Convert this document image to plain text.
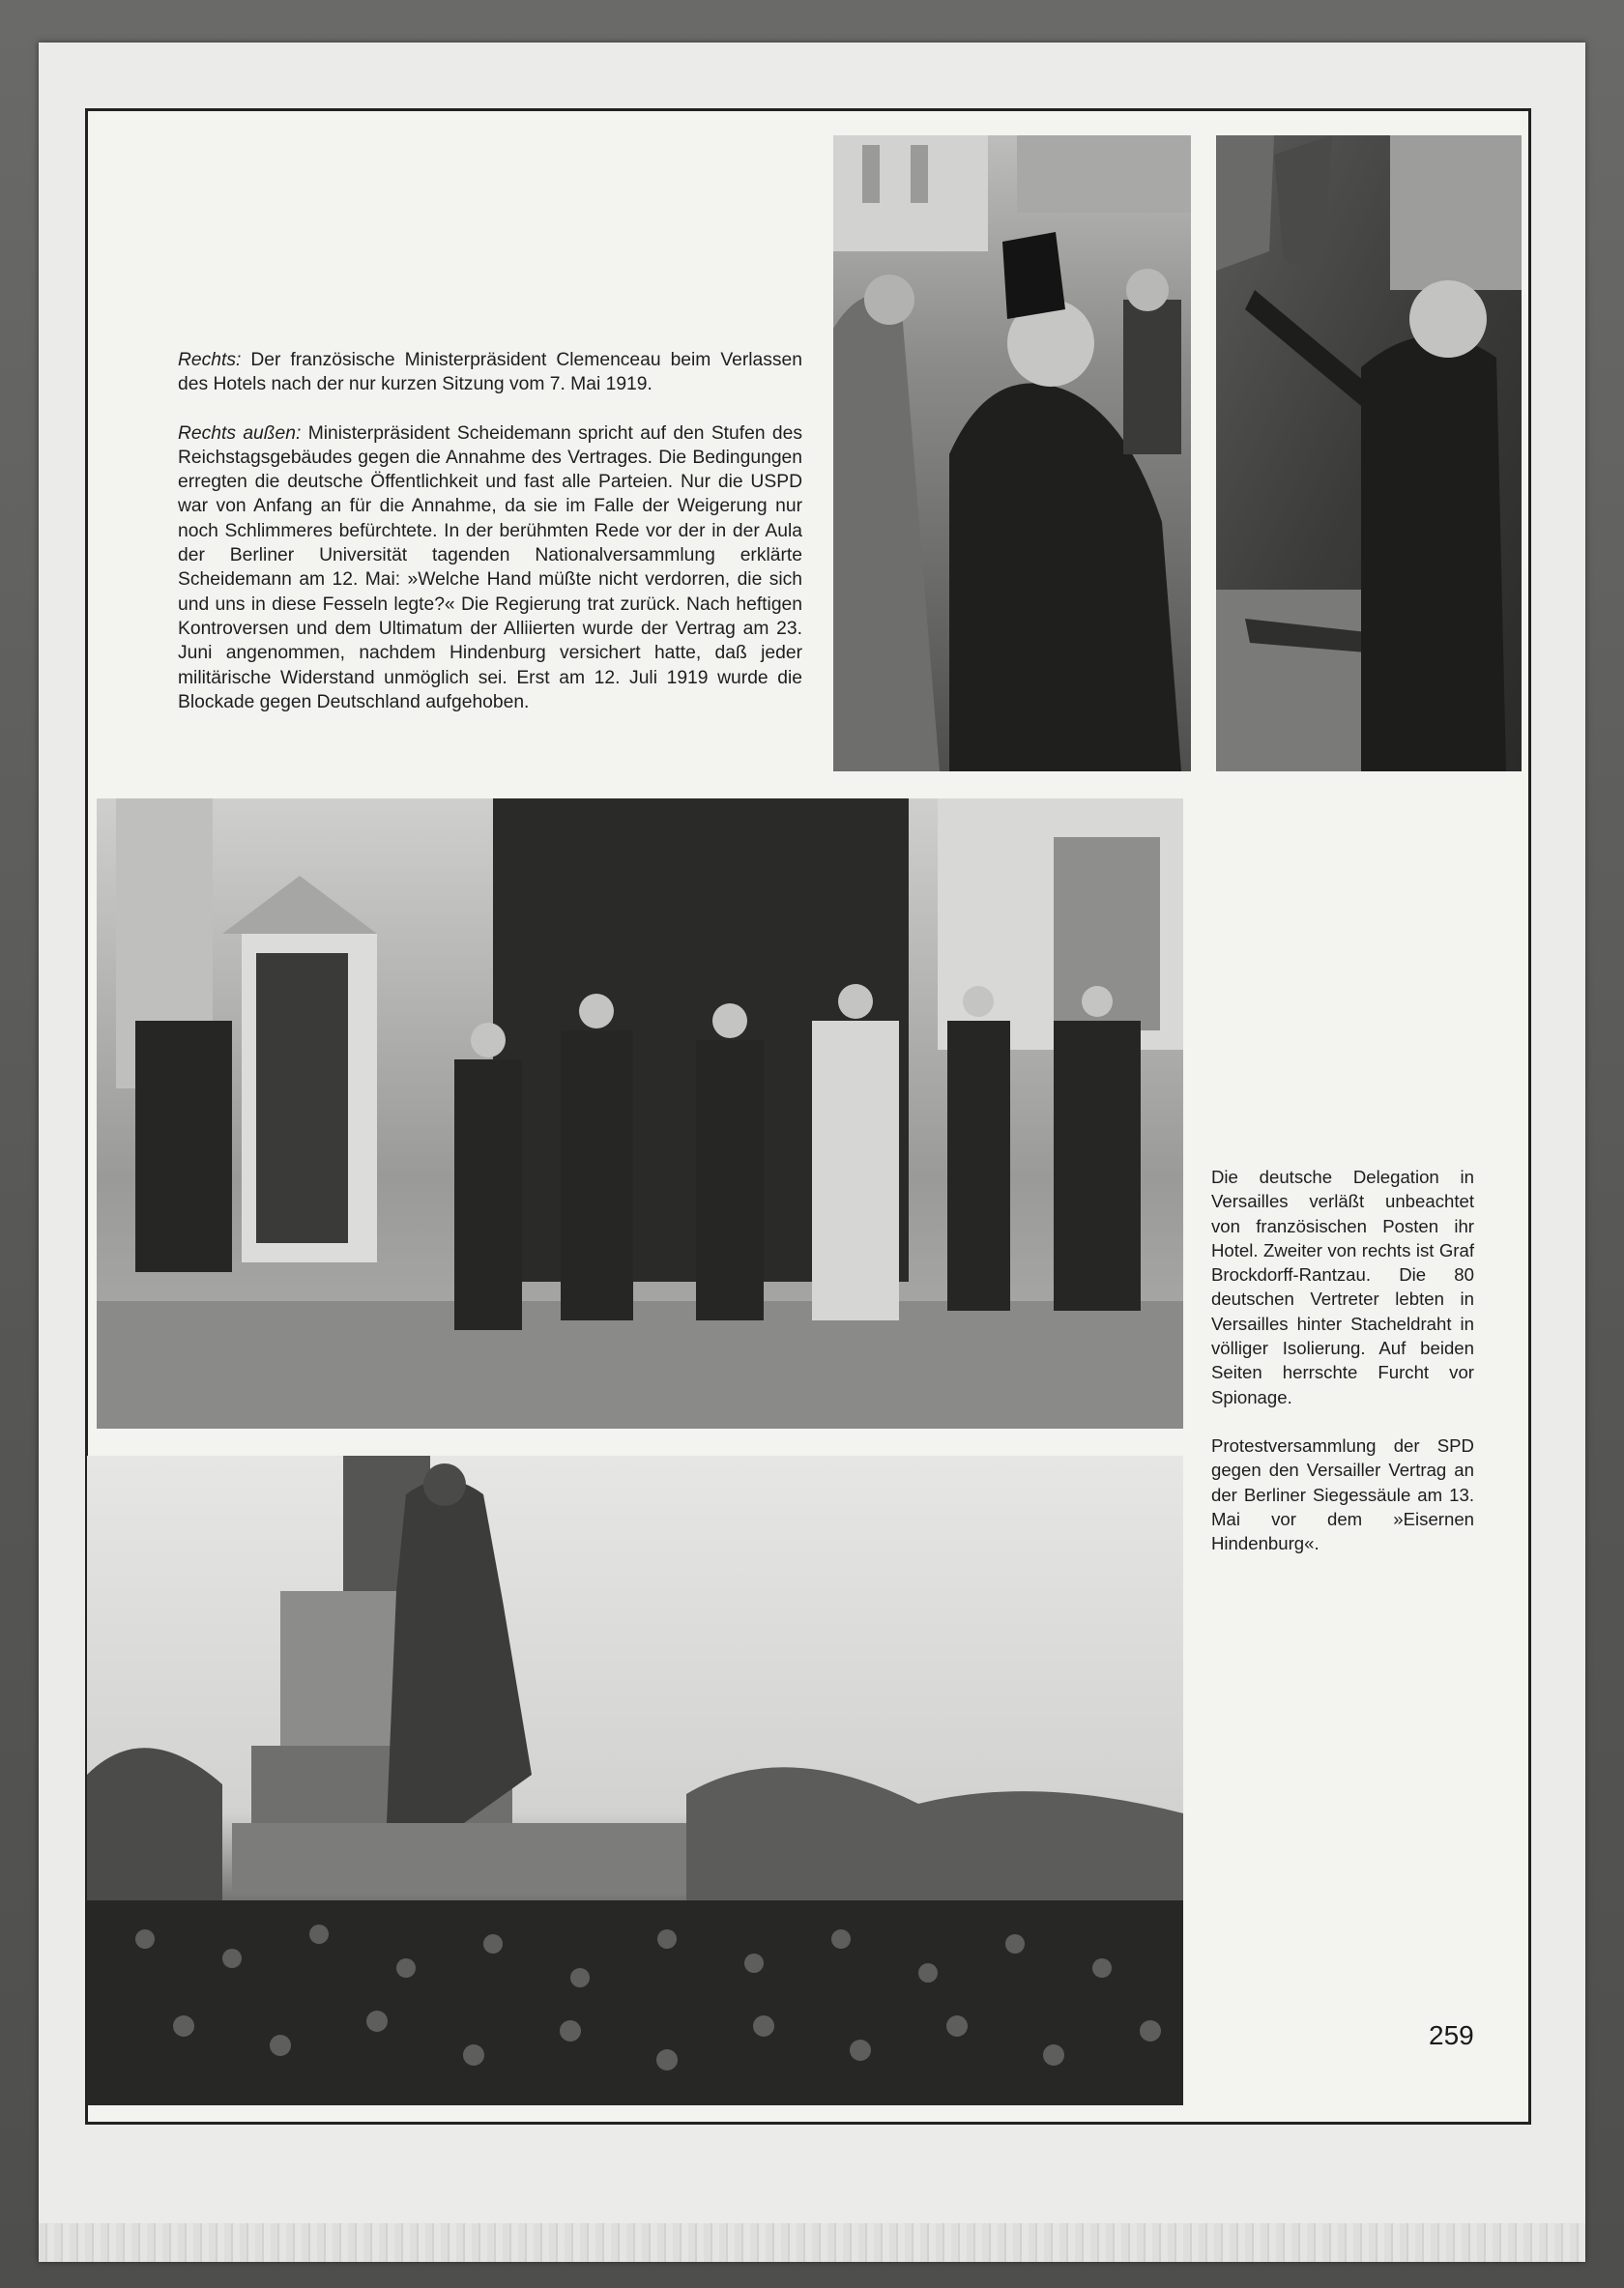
Rechts: Der französische Ministerpräsident Clemenceau beim Verlassen des Hotels nach der nur kurzen Sitzung vom 7. Mai 1919.

Rechts außen: Ministerpräsident Scheidemann spricht auf den Stufen des Reichstagsgebäudes gegen die Annahme des Vertrages. Die Bedingungen erregten die deutsche Öffentlichkeit und fast alle Parteien. Nur die USPD war von Anfang an für die Annahme, da sie im Falle der Weigerung nur noch Schlimmeres befürchtete. In der berühmten Rede vor der in der Aula der Berliner Universität tagenden Nationalversammlung erklärte Scheidemann am 12. Mai: »Welche Hand müßte nicht verdorren, die sich und uns in diese Fesseln legte?« Die Regierung trat zurück. Nach heftigen Kontroversen und dem Ultimatum der Alliierten wurde der Vertrag am 23. Juni angenommen, nachdem Hindenburg versichert hatte, daß jeder militärische Widerstand unmöglich sei. Erst am 12. Juli 1919 wurde die Blockade gegen Deutschland aufgehoben.

Die deutsche Delegation in Versailles verläßt unbeachtet von französischen Posten ihr Hotel. Zweiter von rechts ist Graf Brockdorff-Rantzau. Die 80 deutschen Vertreter lebten in Versailles hinter Stacheldraht in völliger Isolierung. Auf beiden Seiten herrschte Furcht vor Spionage.

Protestversammlung der SPD gegen den Versailler Vertrag an der Berliner Siegessäule am 13. Mai vor dem »Eisernen Hindenburg«.

259
